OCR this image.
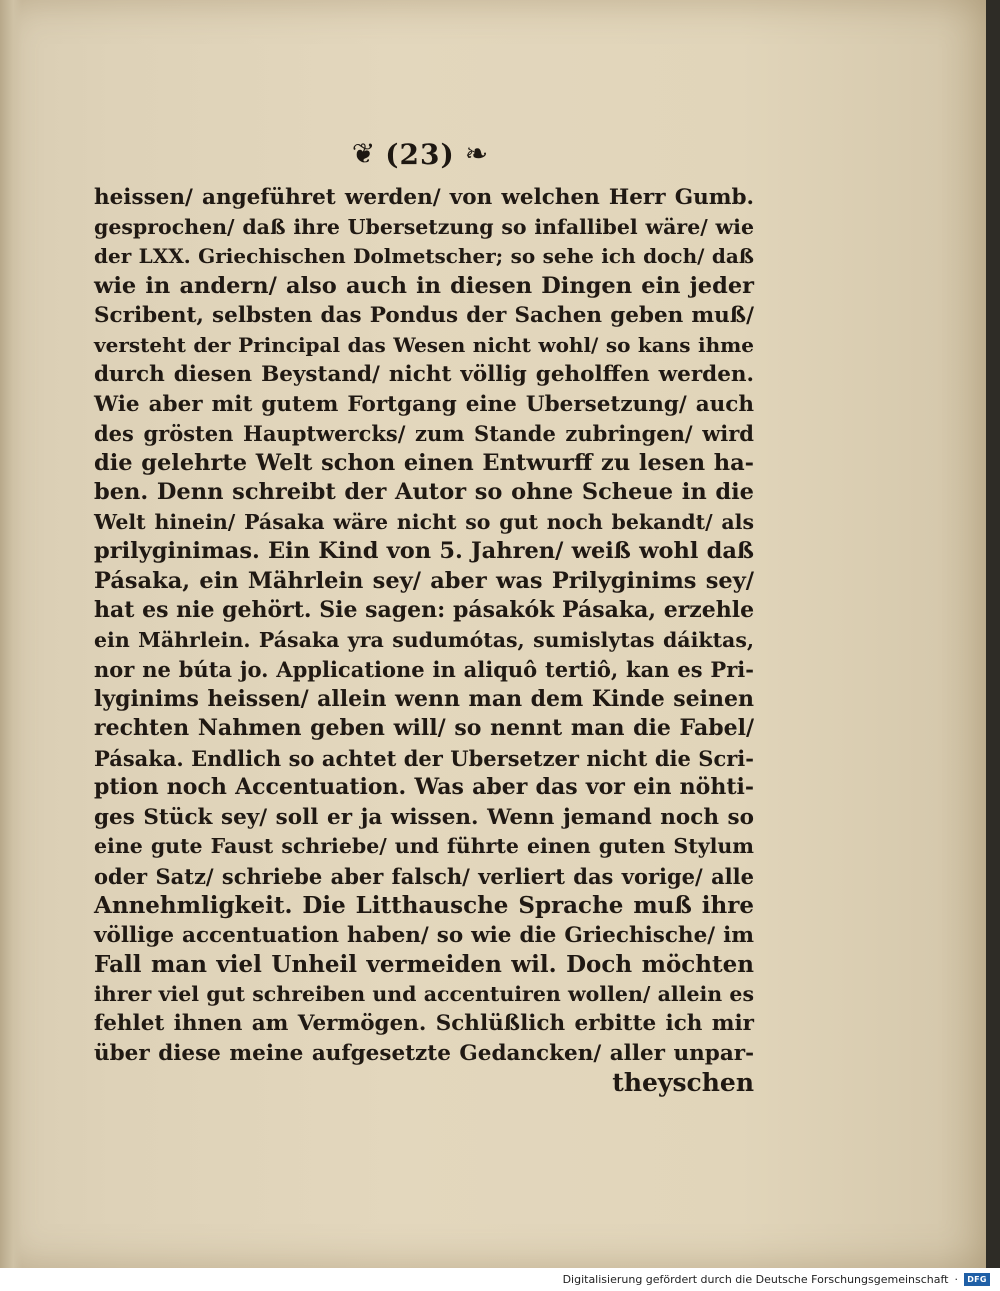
❦ (23) ❧
heissen/ angeführet werden/ von welchen Herr Gumb.
gesprochen/ daß ihre Ubersetzung so infallibel wäre/ wie
der LXX. Griechischen Dolmetscher; so sehe ich doch/ daß
wie in andern/ also auch in diesen Dingen ein jeder
Scribent, selbsten das Pondus der Sachen geben muß/
versteht der Principal das Wesen nicht wohl/ so kans ihme
durch diesen Beystand/ nicht völlig geholffen werden.
Wie aber mit gutem Fortgang eine Ubersetzung/ auch
des grösten Hauptwercks/ zum Stande zubringen/ wird
die gelehrte Welt schon einen Entwurff zu lesen ha-
ben. Denn schreibt der Autor so ohne Scheue in die
Welt hinein/ Pásaka wäre nicht so gut noch bekandt/ als
prilyginimas. Ein Kind von 5. Jahren/ weiß wohl daß
Pásaka, ein Mährlein sey/ aber was Prilyginims sey/
hat es nie gehört. Sie sagen: pásakók Pásaka, erzehle
ein Mährlein. Pásaka yra sudumótas, sumislytas dáiktas,
nor ne búta jo. Applicatione in aliquô tertiô, kan es Pri-
lyginims heissen/ allein wenn man dem Kinde seinen
rechten Nahmen geben will/ so nennt man die Fabel/
Pásaka. Endlich so achtet der Ubersetzer nicht die Scri-
ption noch Accentuation. Was aber das vor ein nöhti-
ges Stück sey/ soll er ja wissen. Wenn jemand noch so
eine gute Faust schriebe/ und führte einen guten Stylum
oder Satz/ schriebe aber falsch/ verliert das vorige/ alle
Annehmligkeit. Die Litthausche Sprache muß ihre
völlige accentuation haben/ so wie die Griechische/ im
Fall man viel Unheil vermeiden wil. Doch möchten
ihrer viel gut schreiben und accentuiren wollen/ allein es
fehlet ihnen am Vermögen. Schlüßlich erbitte ich mir
über diese meine aufgesetzte Gedancken/ aller unpar-
theyschen
Digitalisierung gefördert durch die Deutsche Forschungsgemeinschaft ·	DFG
